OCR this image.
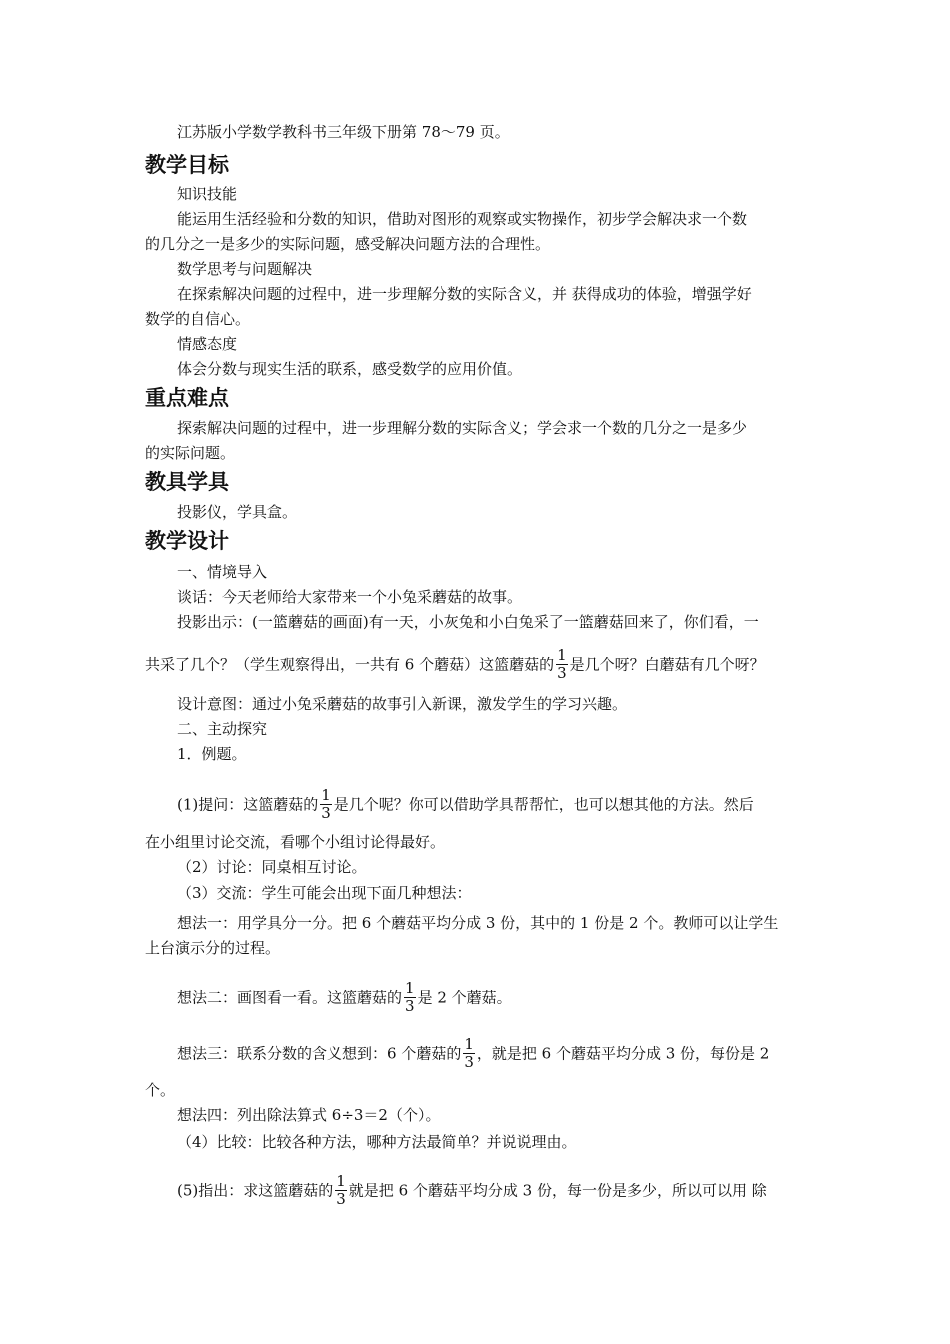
江苏版小学数学教科书三年级下册第 78～79 页。
教学目标
知识技能
能运用生活经验和分数的知识，借助对图形的观察或实物操作，初步学会解决求一个数
的几分之一是多少的实际问题，感受解决问题方法的合理性。
数学思考与问题解决
在探索解决问题的过程中，进一步理解分数的实际含义，并 获得成功的体验，增强学好
数学的自信心。
情感态度
体会分数与现实生活的联系，感受数学的应用价值。
重点难点
探索解决问题的过程中，进一步理解分数的实际含义；学会求一个数的几分之一是多少
的实际问题。
教具学具
投影仪，学具盒。
教学设计
一、情境导入
谈话：今天老师给大家带来一个小兔采蘑菇的故事。
投影出示：(一篮蘑菇的画面)有一天，小灰兔和小白兔采了一篮蘑菇回来了，你们看，一
共采了几个？（学生观察得出，一共有 6 个蘑菇）这篮蘑菇的 $\frac{1}{3}$ 是几个呀？白蘑菇有几个呀？
设计意图：通过小兔采蘑菇的故事引入新课，激发学生的学习兴趣。
二、主动探究
1．例题。
(1)提问：这篮蘑菇的 $\frac{1}{3}$ 是几个呢？你可以借助学具帮帮忙，也可以想其他的方法。然后
在小组里讨论交流，看哪个小组讨论得最好。
（2）讨论：同桌相互讨论。
（3）交流：学生可能会出现下面几种想法：
想法一：用学具分一分。把 6 个蘑菇平均分成 3 份，其中的 1 份是 2 个。教师可以让学生
上台演示分的过程。
想法二：画图看一看。这篮蘑菇的 $\frac{1}{3}$ 是 2 个蘑菇。
想法三：联系分数的含义想到：6 个蘑菇的 $\frac{1}{3}$ ，就是把 6 个蘑菇平均分成 3 份，每份是 2
个。
想法四：列出除法算式 6÷3＝2（个）。
（4）比较：比较各种方法，哪种方法最简单？并说说理由。
(5)指出：求这篮蘑菇的 $\frac{1}{3}$ 就是把 6 个蘑菇平均分成 3 份，每一份是多少，所以可以用 除
